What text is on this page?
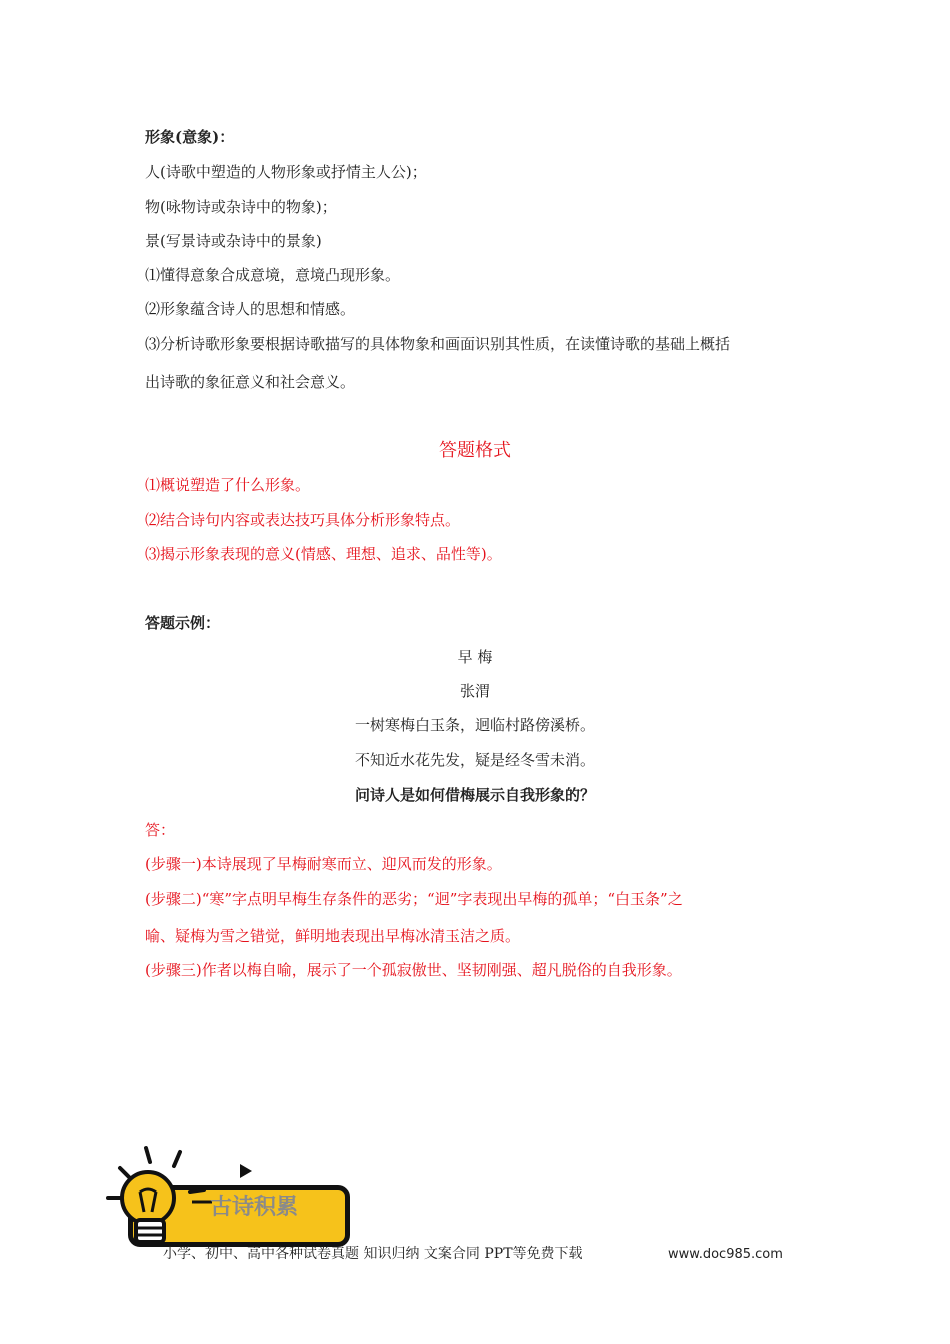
形象(意象)：
人(诗歌中塑造的人物形象或抒情主人公)；
物(咏物诗或杂诗中的物象)；
景(写景诗或杂诗中的景象)
⑴懂得意象合成意境，意境凸现形象。
⑵形象蕴含诗人的思想和情感。
⑶分析诗歌形象要根据诗歌描写的具体物象和画面识别其性质，在读懂诗歌的基础上概括
出诗歌的象征意义和社会意义。
答题格式
⑴概说塑造了什么形象。
⑵结合诗句内容或表达技巧具体分析形象特点。
⑶揭示形象表现的意义(情感、理想、追求、品性等)。
答题示例：
早 梅
张渭
一树寒梅白玉条，迥临村路傍溪桥。
不知近水花先发，疑是经冬雪未消。
问诗人是如何借梅展示自我形象的？
答：
(步骤一)本诗展现了早梅耐寒而立、迎风而发的形象。
(步骤二)“寒”字点明早梅生存条件的恶劣；“迥”字表现出早梅的孤单；“白玉条”之
喻、疑梅为雪之错觉，鲜明地表现出早梅冰清玉洁之质。
(步骤三)作者以梅自喻，展示了一个孤寂傲世、坚韧刚强、超凡脱俗的自我形象。
古诗积累
小学、初中、高中各种试卷真题 知识归纳 文案合同 PPT等免费下载	www.doc985.com
